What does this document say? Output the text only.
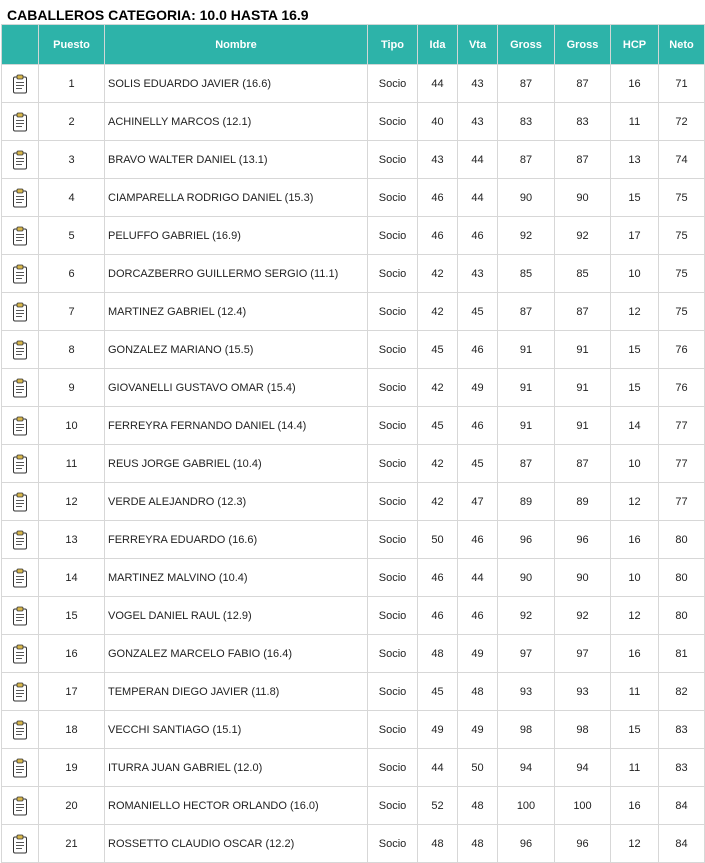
CABALLEROS CATEGORIA: 10.0 HASTA 16.9
	Puesto	Nombre	Tipo	Ida	Vta	Gross	Gross	HCP	Neto
	1	SOLIS EDUARDO JAVIER (16.6)	Socio	44	43	87	87	16	71
	2	ACHINELLY MARCOS (12.1)	Socio	40	43	83	83	11	72
	3	BRAVO WALTER DANIEL (13.1)	Socio	43	44	87	87	13	74
	4	CIAMPARELLA RODRIGO DANIEL (15.3)	Socio	46	44	90	90	15	75
	5	PELUFFO GABRIEL (16.9)	Socio	46	46	92	92	17	75
	6	DORCAZBERRO GUILLERMO SERGIO (11.1)	Socio	42	43	85	85	10	75
	7	MARTINEZ GABRIEL (12.4)	Socio	42	45	87	87	12	75
	8	GONZALEZ MARIANO (15.5)	Socio	45	46	91	91	15	76
	9	GIOVANELLI GUSTAVO OMAR (15.4)	Socio	42	49	91	91	15	76
	10	FERREYRA FERNANDO DANIEL (14.4)	Socio	45	46	91	91	14	77
	11	REUS JORGE GABRIEL (10.4)	Socio	42	45	87	87	10	77
	12	VERDE ALEJANDRO (12.3)	Socio	42	47	89	89	12	77
	13	FERREYRA EDUARDO (16.6)	Socio	50	46	96	96	16	80
	14	MARTINEZ MALVINO (10.4)	Socio	46	44	90	90	10	80
	15	VOGEL DANIEL RAUL (12.9)	Socio	46	46	92	92	12	80
	16	GONZALEZ MARCELO FABIO (16.4)	Socio	48	49	97	97	16	81
	17	TEMPERAN DIEGO JAVIER (11.8)	Socio	45	48	93	93	11	82
	18	VECCHI SANTIAGO (15.1)	Socio	49	49	98	98	15	83
	19	ITURRA JUAN GABRIEL (12.0)	Socio	44	50	94	94	11	83
	20	ROMANIELLO HECTOR ORLANDO (16.0)	Socio	52	48	100	100	16	84
	21	ROSSETTO CLAUDIO OSCAR (12.2)	Socio	48	48	96	96	12	84
